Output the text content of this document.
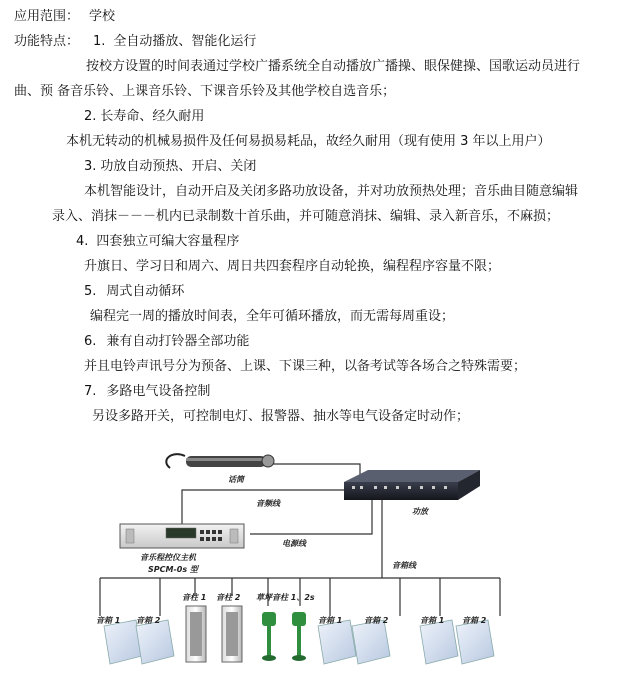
应用范围： 学校
功能特点： 1. 全自动播放、智能化运行
按校方设置的时间表通过学校广播系统全自动播放广播操、眼保健操、国歌运动员进行
曲、预 备音乐铃、上课音乐铃、下课音乐铃及其他学校自选音乐；
2. 长寿命、经久耐用
本机无转动的机械易损件及任何易损易耗品，故经久耐用（现有使用 3 年以上用户）
3. 功放自动预热、开启、关闭
本机智能设计，自动开启及关闭多路功放设备，并对功放预热处理；音乐曲目随意编辑
录入、消抹－－－机内已录制数十首乐曲，并可随意消抹、编辑、录入新音乐，不麻损；
4. 四套独立可编大容量程序
升旗日、学习日和周六、周日共四套程序自动轮换，编程程序容量不限；
5. 周式自动循环
编程完一周的播放时间表，全年可循环播放，而无需每周重设；
6. 兼有自动打铃器全部功能
并且电铃声讯号分为预备、上课、下课三种，以备考试等各场合之特殊需要；
7. 多路电气设备控制
另设多路开关，可控制电灯、报警器、抽水等电气设备定时动作；
话筒
功放
音频线
电源线
音箱线
音乐程控仪主机
SPCM-0s 型
音柱 1 音柱 2 草坪音柱 1、2s
音箱 1 音箱 2	音箱 1	音箱 2	音箱 1 音箱 2
